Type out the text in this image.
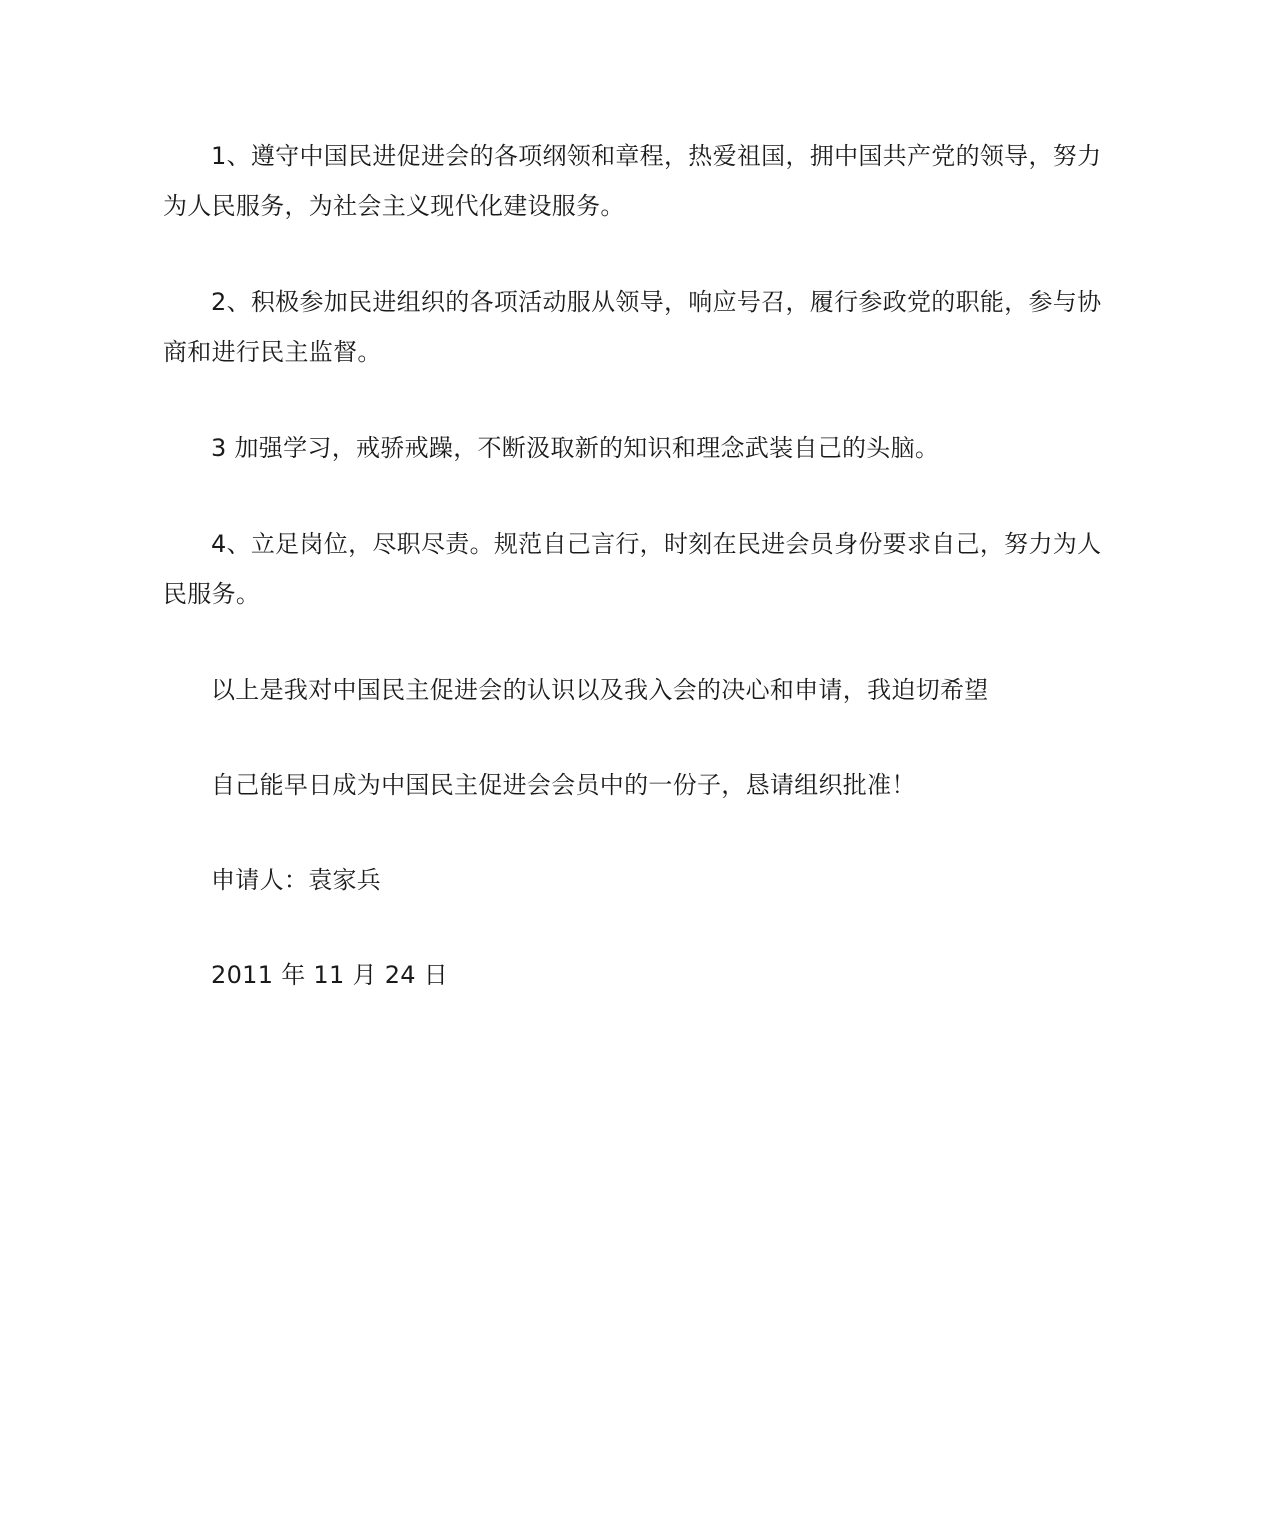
1、遵守中国民进促进会的各项纲领和章程，热爱祖国，拥中国共产党的领导，努力为人民服务，为社会主义现代化建设服务。

2、积极参加民进组织的各项活动服从领导，响应号召，履行参政党的职能，参与协商和进行民主监督。

3 加强学习，戒骄戒躁，不断汲取新的知识和理念武装自己的头脑。

4、立足岗位，尽职尽责。规范自己言行，时刻在民进会员身份要求自己，努力为人民服务。

以上是我对中国民主促进会的认识以及我入会的决心和申请，我迫切希望

自己能早日成为中国民主促进会会员中的一份子，恳请组织批准！

申请人：袁家兵

2011 年 11 月 24 日
